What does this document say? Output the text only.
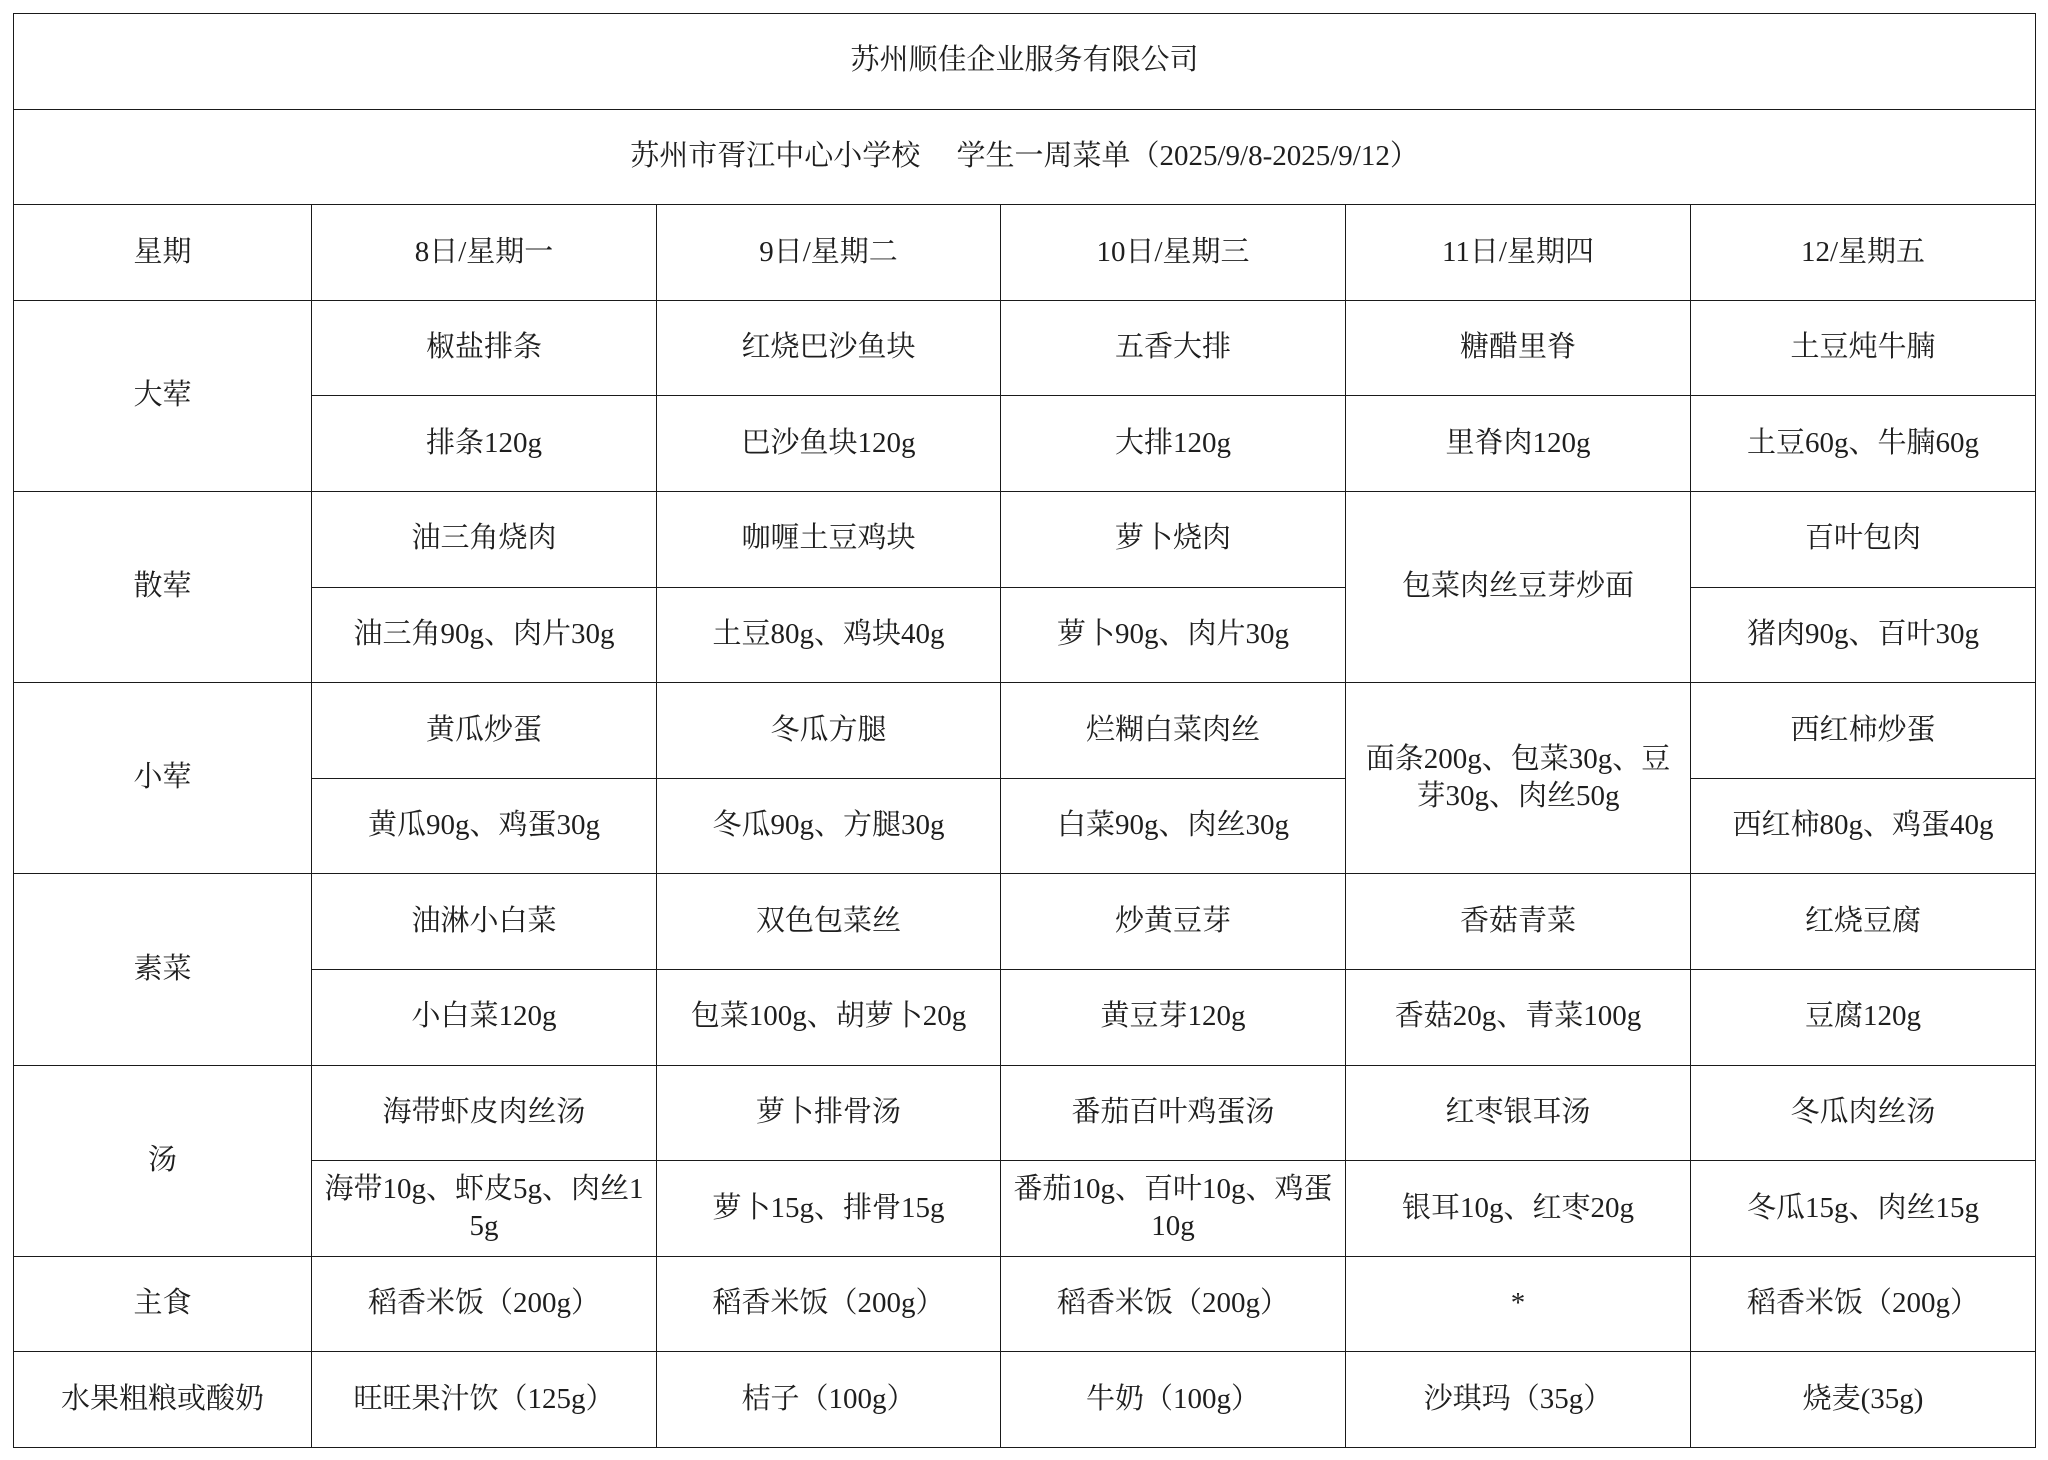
苏州顺佳企业服务有限公司					
苏州市胥江中心小学校     学生一周菜单（2025/9/8-2025/9/12）					
星期	8日/星期一	9日/星期二	10日/星期三	11日/星期四	12/星期五
大荤	椒盐排条	红烧巴沙鱼块	五香大排	糖醋里脊	土豆炖牛腩
	排条120g	巴沙鱼块120g	大排120g	里脊肉120g	土豆60g、牛腩60g
散荤	油三角烧肉	咖喱土豆鸡块	萝卜烧肉	包菜肉丝豆芽炒面	百叶包肉
	油三角90g、肉片30g	土豆80g、鸡块40g	萝卜90g、肉片30g		猪肉90g、百叶30g
小荤	黄瓜炒蛋	冬瓜方腿	烂糊白菜肉丝	面条200g、包菜30g、豆芽30g、肉丝50g	西红柿炒蛋
	黄瓜90g、鸡蛋30g	冬瓜90g、方腿30g	白菜90g、肉丝30g		西红柿80g、鸡蛋40g
素菜	油淋小白菜	双色包菜丝	炒黄豆芽	香菇青菜	红烧豆腐
	小白菜120g	包菜100g、胡萝卜20g	黄豆芽120g	香菇20g、青菜100g	豆腐120g
汤	海带虾皮肉丝汤	萝卜排骨汤	番茄百叶鸡蛋汤	红枣银耳汤	冬瓜肉丝汤
	海带10g、虾皮5g、肉丝15g	萝卜15g、排骨15g	番茄10g、百叶10g、鸡蛋10g	银耳10g、红枣20g	冬瓜15g、肉丝15g
主食	稻香米饭（200g）	稻香米饭（200g）	稻香米饭（200g）	*	稻香米饭（200g）
水果粗粮或酸奶	旺旺果汁饮（125g）	桔子（100g）	牛奶（100g）	沙琪玛（35g）	烧麦(35g)
